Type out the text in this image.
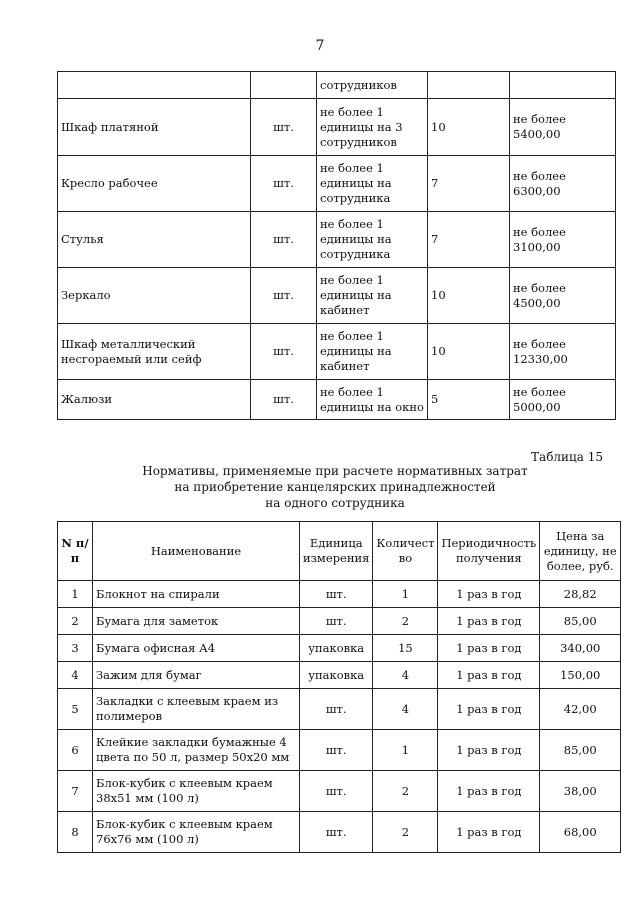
7
		сотрудников		
Шкаф платяной	шт.	не более 1 единицы на 3 сотрудников	10	не более 5400,00
Кресло рабочее	шт.	не более 1 единицы на сотрудника	7	не более 6300,00
Стулья	шт.	не более 1 единицы на сотрудника	7	не более 3100,00
Зеркало	шт.	не более 1 единицы на кабинет	10	не более 4500,00
Шкаф металлический несгораемый или сейф	шт.	не более 1 единицы на кабинет	10	не более 12330,00
Жалюзи	шт.	не более 1 единицы на окно	5	не более 5000,00
Таблица 15
Нормативы, применяемые при расчете нормативных затрат
на приобретение канцелярских принадлежностей
на одного сотрудника
N п/п	Наименование	Единица измерения	Количество	Периодичность получения	Цена за единицу, не более, руб.
1	Блокнот на спирали	шт.	1	1 раз в год	28,82
2	Бумага для заметок	шт.	2	1 раз в год	85,00
3	Бумага офисная А4	упаковка	15	1 раз в год	340,00
4	Зажим для бумаг	упаковка	4	1 раз в год	150,00
5	Закладки с клеевым краем из полимеров	шт.	4	1 раз в год	42,00
6	Клейкие закладки бумажные 4 цвета по 50 л, размер 50х20 мм	шт.	1	1 раз в год	85,00
7	Блок-кубик с клеевым краем 38х51 мм (100 л)	шт.	2	1 раз в год	38,00
8	Блок-кубик с клеевым краем 76х76 мм (100 л)	шт.	2	1 раз в год	68,00
